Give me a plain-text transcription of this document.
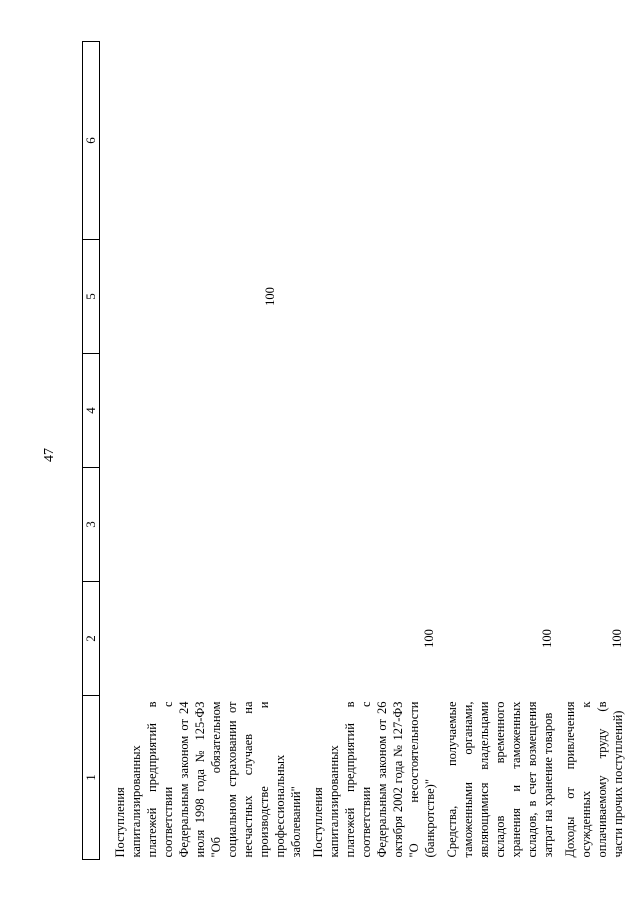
47
1	2	3	4	5	6
Поступления капитализированных платежей предприятий в соответствии с Федеральным законом от 24 июля 1998 года № 125-ФЗ "Об обязательном социальном страховании от несчастных случаев на производстве и профессиональных заболеваний"				100	
Поступления капитализированных платежей предприятий в соответствии с Федеральным законом от 26 октября 2002 года № 127-ФЗ "О несостоятельности (банкротстве)"	100				
Средства, получаемые таможенными органами, являющимися владельцами складов временного хранения и таможенных складов, в счет возмещения затрат на хранение товаров	100				
Доходы от привлечения осужденных к оплачиваемому труду (в части прочих поступлений)	100				
